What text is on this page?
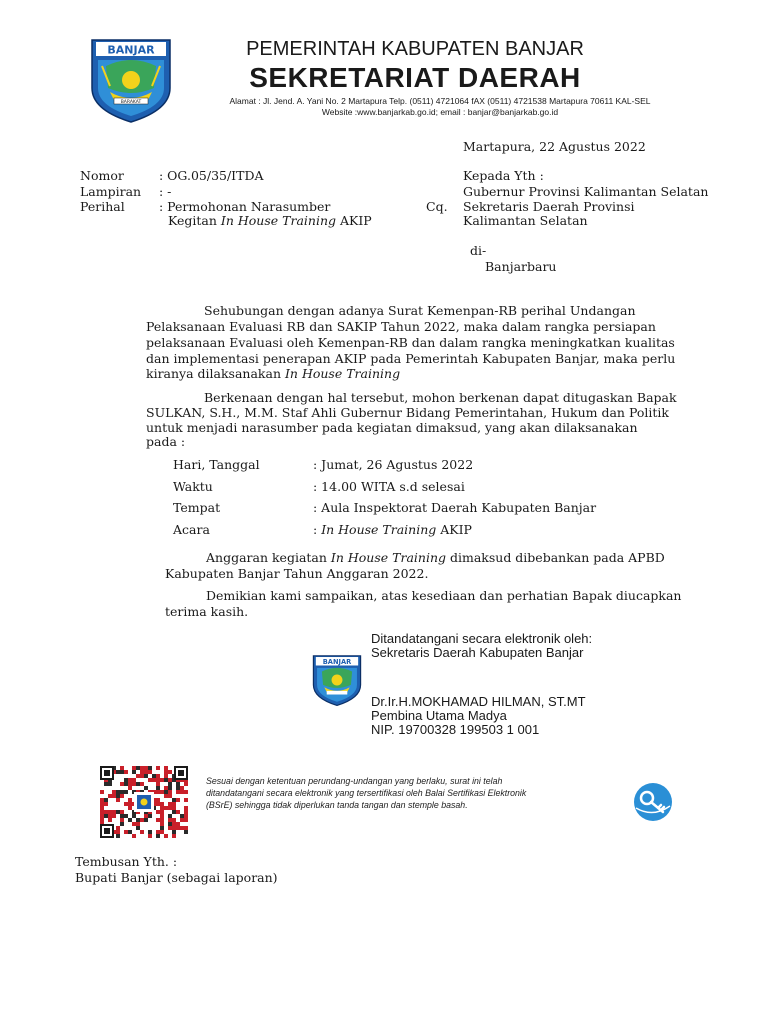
BANJAR
BARAKAT
PEMERINTAH KABUPATEN BANJAR
SEKRETARIAT DAERAH
Alamat : Jl. Jend. A. Yani No. 2 Martapura Telp. (0511) 4721064 fAX (0511) 4721538 Martapura 70611 KAL-SEL
Website :www.banjarkab.go.id; email : banjar@banjarkab.go.id
Martapura, 22 Agustus 2022
Nomor	: OG.05/35/ITDA
Lampiran : -
Perihal	: Permohonan Narasumber
Kegitan In House Training AKIP
Kepada Yth :
Gubernur Provinsi Kalimantan Selatan
Cq. Sekretaris Daerah Provinsi
Kalimantan Selatan
di-
Banjarbaru
Sehubungan dengan adanya Surat Kemenpan-RB perihal Undangan
Pelaksanaan Evaluasi RB dan SAKIP Tahun 2022, maka dalam rangka persiapan
pelaksanaan Evaluasi oleh Kemenpan-RB dan dalam rangka meningkatkan kualitas
dan implementasi penerapan AKIP pada Pemerintah Kabupaten Banjar, maka perlu
kiranya dilaksanakan In House Training
Berkenaan dengan hal tersebut, mohon berkenan dapat ditugaskan Bapak
SULKAN, S.H., M.M. Staf Ahli Gubernur Bidang Pemerintahan, Hukum dan Politik
untuk menjadi narasumber pada kegiatan dimaksud, yang akan dilaksanakan
pada :
Hari, Tanggal	: Jumat, 26 Agustus 2022
Waktu	: 14.00 WITA s.d selesai
Tempat	: Aula Inspektorat Daerah Kabupaten Banjar
Acara	: In House Training AKIP
Anggaran kegiatan In House Training dimaksud dibebankan pada APBD
Kabupaten Banjar Tahun Anggaran 2022.
Demikian kami sampaikan, atas kesediaan dan perhatian Bapak diucapkan
terima kasih.
Ditandatangani secara elektronik oleh:
Sekretaris Daerah Kabupaten Banjar
BANJAR
Dr.Ir.H.MOKHAMAD HILMAN, ST.MT
Pembina Utama Madya
NIP. 19700328 199503 1 001
Sesuai dengan ketentuan perundang-undangan yang berlaku, surat ini telah
ditandatangani secara elektronik yang tersertifikasi oleh Balai Sertifikasi Elektronik
(BSrE) sehingga tidak diperlukan tanda tangan dan stemple basah.
Tembusan Yth. :
Bupati Banjar (sebagai laporan)
